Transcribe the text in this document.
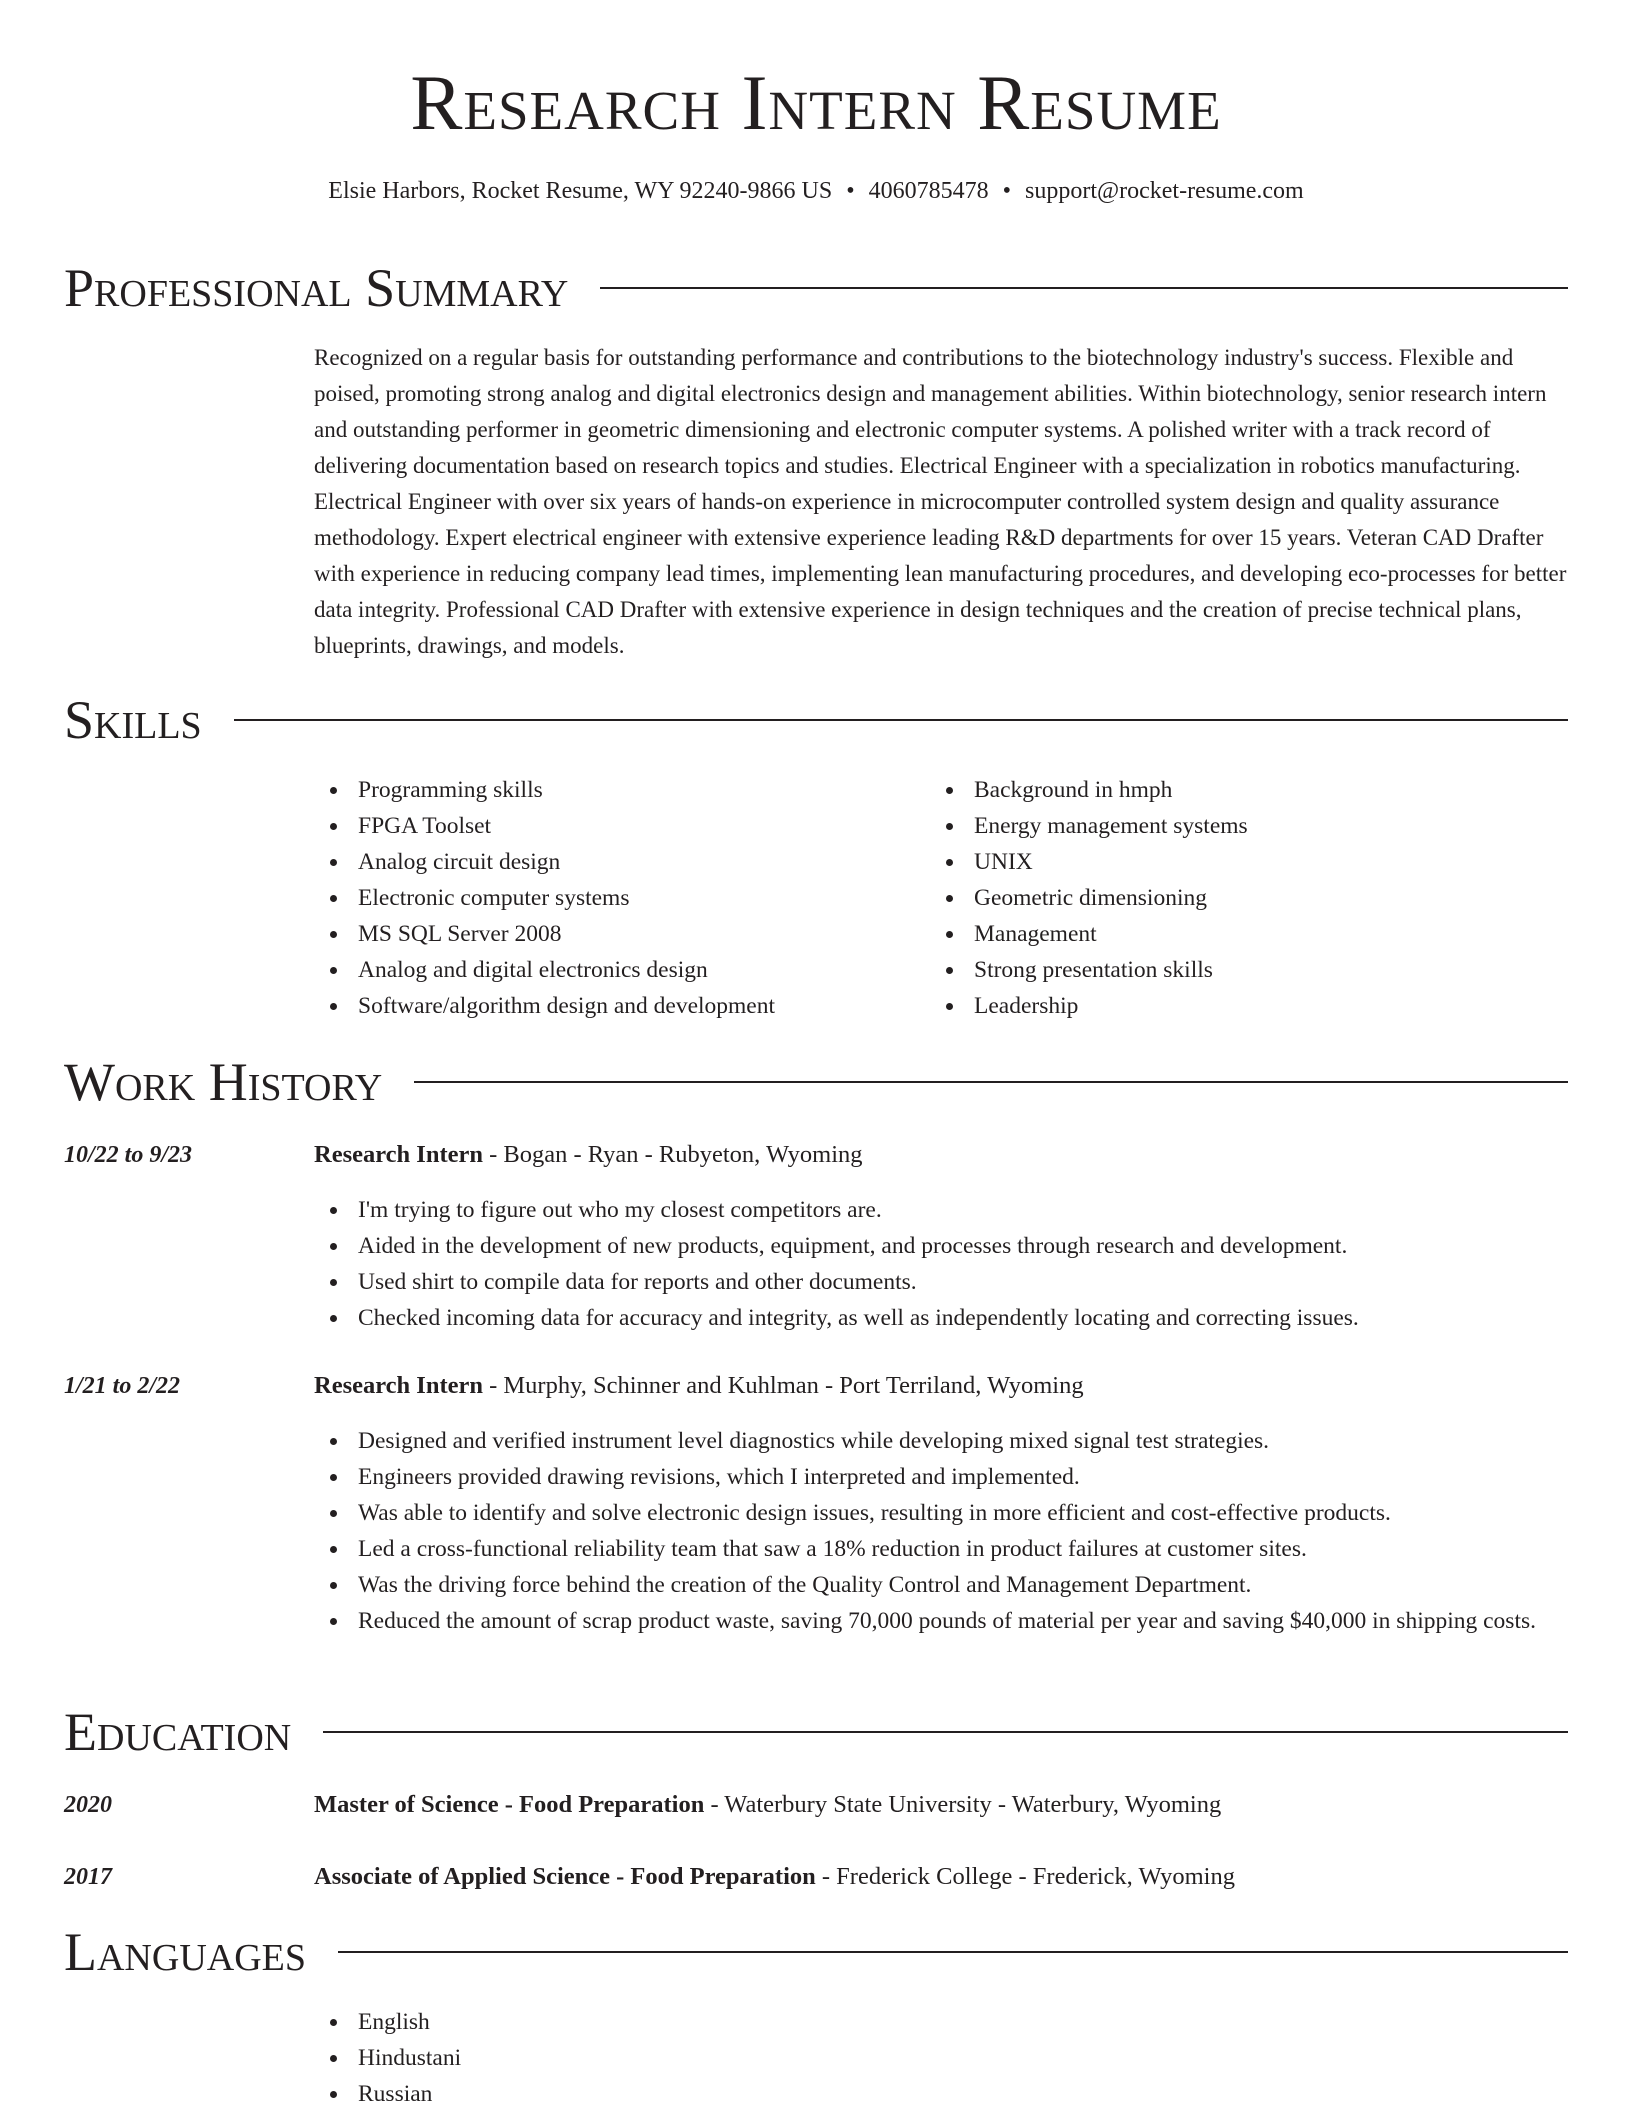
Research Intern Resume
Elsie Harbors, Rocket Resume, WY 92240-9866 US • 4060785478 • support@rocket-resume.com
Professional Summary
Recognized on a regular basis for outstanding performance and contributions to the biotechnology industry's success. Flexible and poised, promoting strong analog and digital electronics design and management abilities. Within biotechnology, senior research intern and outstanding performer in geometric dimensioning and electronic computer systems. A polished writer with a track record of delivering documentation based on research topics and studies. Electrical Engineer with a specialization in robotics manufacturing. Electrical Engineer with over six years of hands-on experience in microcomputer controlled system design and quality assurance methodology. Expert electrical engineer with extensive experience leading R&D departments for over 15 years. Veteran CAD Drafter with experience in reducing company lead times, implementing lean manufacturing procedures, and developing eco-processes for better data integrity. Professional CAD Drafter with extensive experience in design techniques and the creation of precise technical plans, blueprints, drawings, and models.
Skills
Programming skills
FPGA Toolset
Analog circuit design
Electronic computer systems
MS SQL Server 2008
Analog and digital electronics design
Software/algorithm design and development
Background in hmph
Energy management systems
UNIX
Geometric dimensioning
Management
Strong presentation skills
Leadership
Work History
10/22 to 9/23	Research Intern - Bogan - Ryan - Rubyeton, Wyoming
I'm trying to figure out who my closest competitors are.
Aided in the development of new products, equipment, and processes through research and development.
Used shirt to compile data for reports and other documents.
Checked incoming data for accuracy and integrity, as well as independently locating and correcting issues.
1/21 to 2/22	Research Intern - Murphy, Schinner and Kuhlman - Port Terriland, Wyoming
Designed and verified instrument level diagnostics while developing mixed signal test strategies.
Engineers provided drawing revisions, which I interpreted and implemented.
Was able to identify and solve electronic design issues, resulting in more efficient and cost-effective products.
Led a cross-functional reliability team that saw a 18% reduction in product failures at customer sites.
Was the driving force behind the creation of the Quality Control and Management Department.
Reduced the amount of scrap product waste, saving 70,000 pounds of material per year and saving $40,000 in shipping costs.
Education
2020	Master of Science - Food Preparation - Waterbury State University - Waterbury, Wyoming
2017	Associate of Applied Science - Food Preparation - Frederick College - Frederick, Wyoming
Languages
English
Hindustani
Russian
